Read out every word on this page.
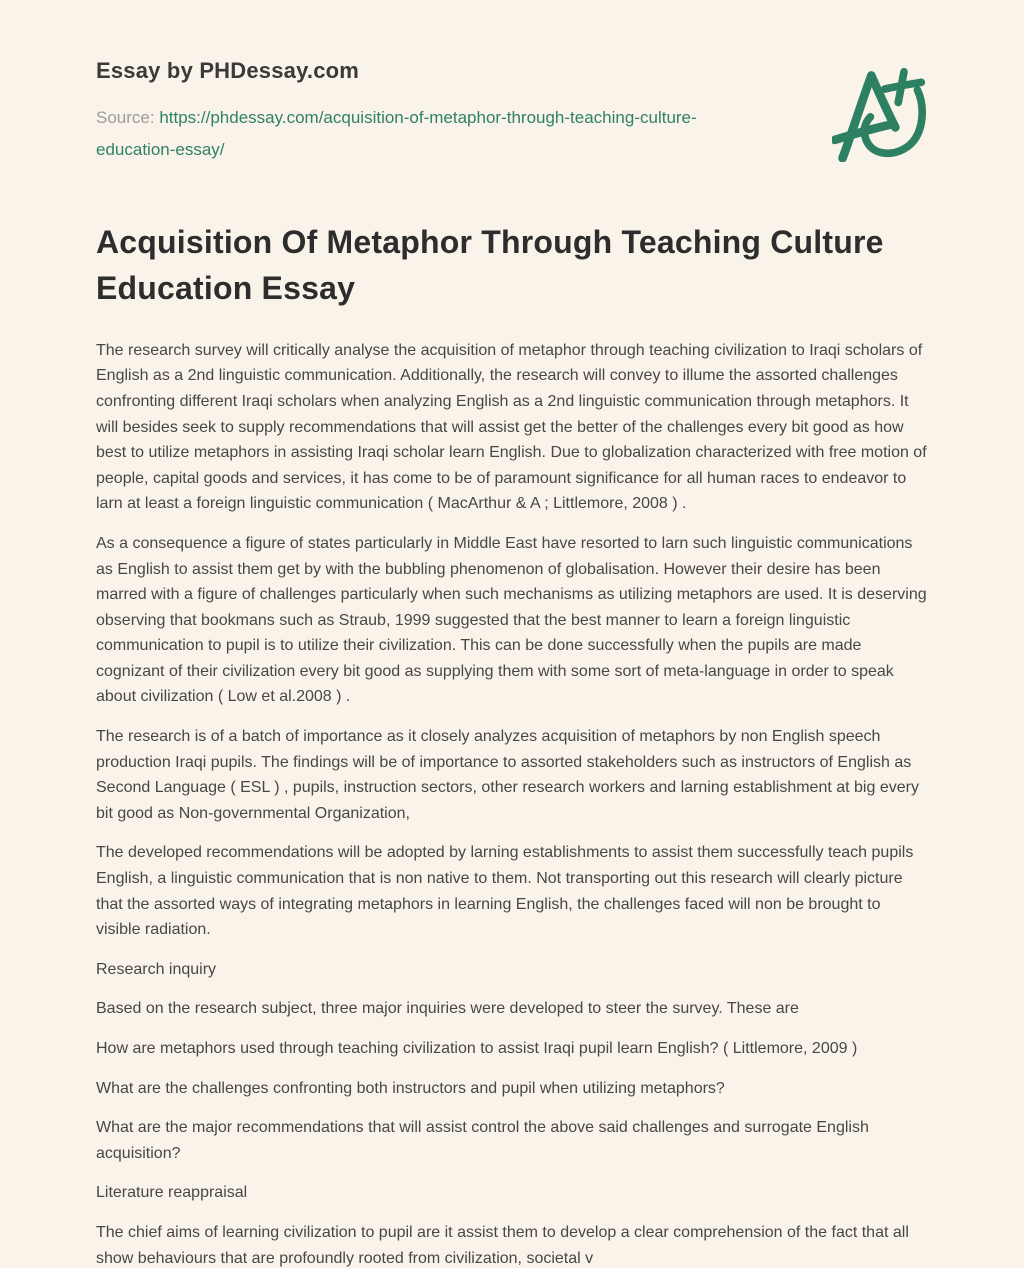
Essay by PHDessay.com
Source: https://phdessay.com/acquisition-of-metaphor-through-teaching-culture-education-essay/
Acquisition Of Metaphor Through Teaching Culture Education Essay

The research survey will critically analyse the acquisition of metaphor through teaching civilization to Iraqi scholars of English as a 2nd linguistic communication. Additionally, the research will convey to illume the assorted challenges confronting different Iraqi scholars when analyzing English as a 2nd linguistic communication through metaphors. It will besides seek to supply recommendations that will assist get the better of the challenges every bit good as how best to utilize metaphors in assisting Iraqi scholar learn English. Due to globalization characterized with free motion of people, capital goods and services, it has come to be of paramount significance for all human races to endeavor to larn at least a foreign linguistic communication ( MacArthur & A ; Littlemore, 2008 ) .

As a consequence a figure of states particularly in Middle East have resorted to larn such linguistic communications as English to assist them get by with the bubbling phenomenon of globalisation. However their desire has been marred with a figure of challenges particularly when such mechanisms as utilizing metaphors are used. It is deserving observing that bookmans such as Straub, 1999 suggested that the best manner to learn a foreign linguistic communication to pupil is to utilize their civilization. This can be done successfully when the pupils are made cognizant of their civilization every bit good as supplying them with some sort of meta-language in order to speak about civilization ( Low et al.2008 ) .

The research is of a batch of importance as it closely analyzes acquisition of metaphors by non English speech production Iraqi pupils. The findings will be of importance to assorted stakeholders such as instructors of English as Second Language ( ESL ) , pupils, instruction sectors, other research workers and larning establishment at big every bit good as Non-governmental Organization,

The developed recommendations will be adopted by larning establishments to assist them successfully teach pupils English, a linguistic communication that is non native to them. Not transporting out this research will clearly picture that the assorted ways of integrating metaphors in learning English, the challenges faced will non be brought to visible radiation.

Research inquiry

Based on the research subject, three major inquiries were developed to steer the survey. These are

How are metaphors used through teaching civilization to assist Iraqi pupil learn English? ( Littlemore, 2009 )

What are the challenges confronting both instructors and pupil when utilizing metaphors?

What are the major recommendations that will assist control the above said challenges and surrogate English acquisition?

Literature reappraisal

The chief aims of learning civilization to pupil are it assist them to develop a clear comprehension of the fact that all show behaviours that are profoundly rooted from civilization, societal v
